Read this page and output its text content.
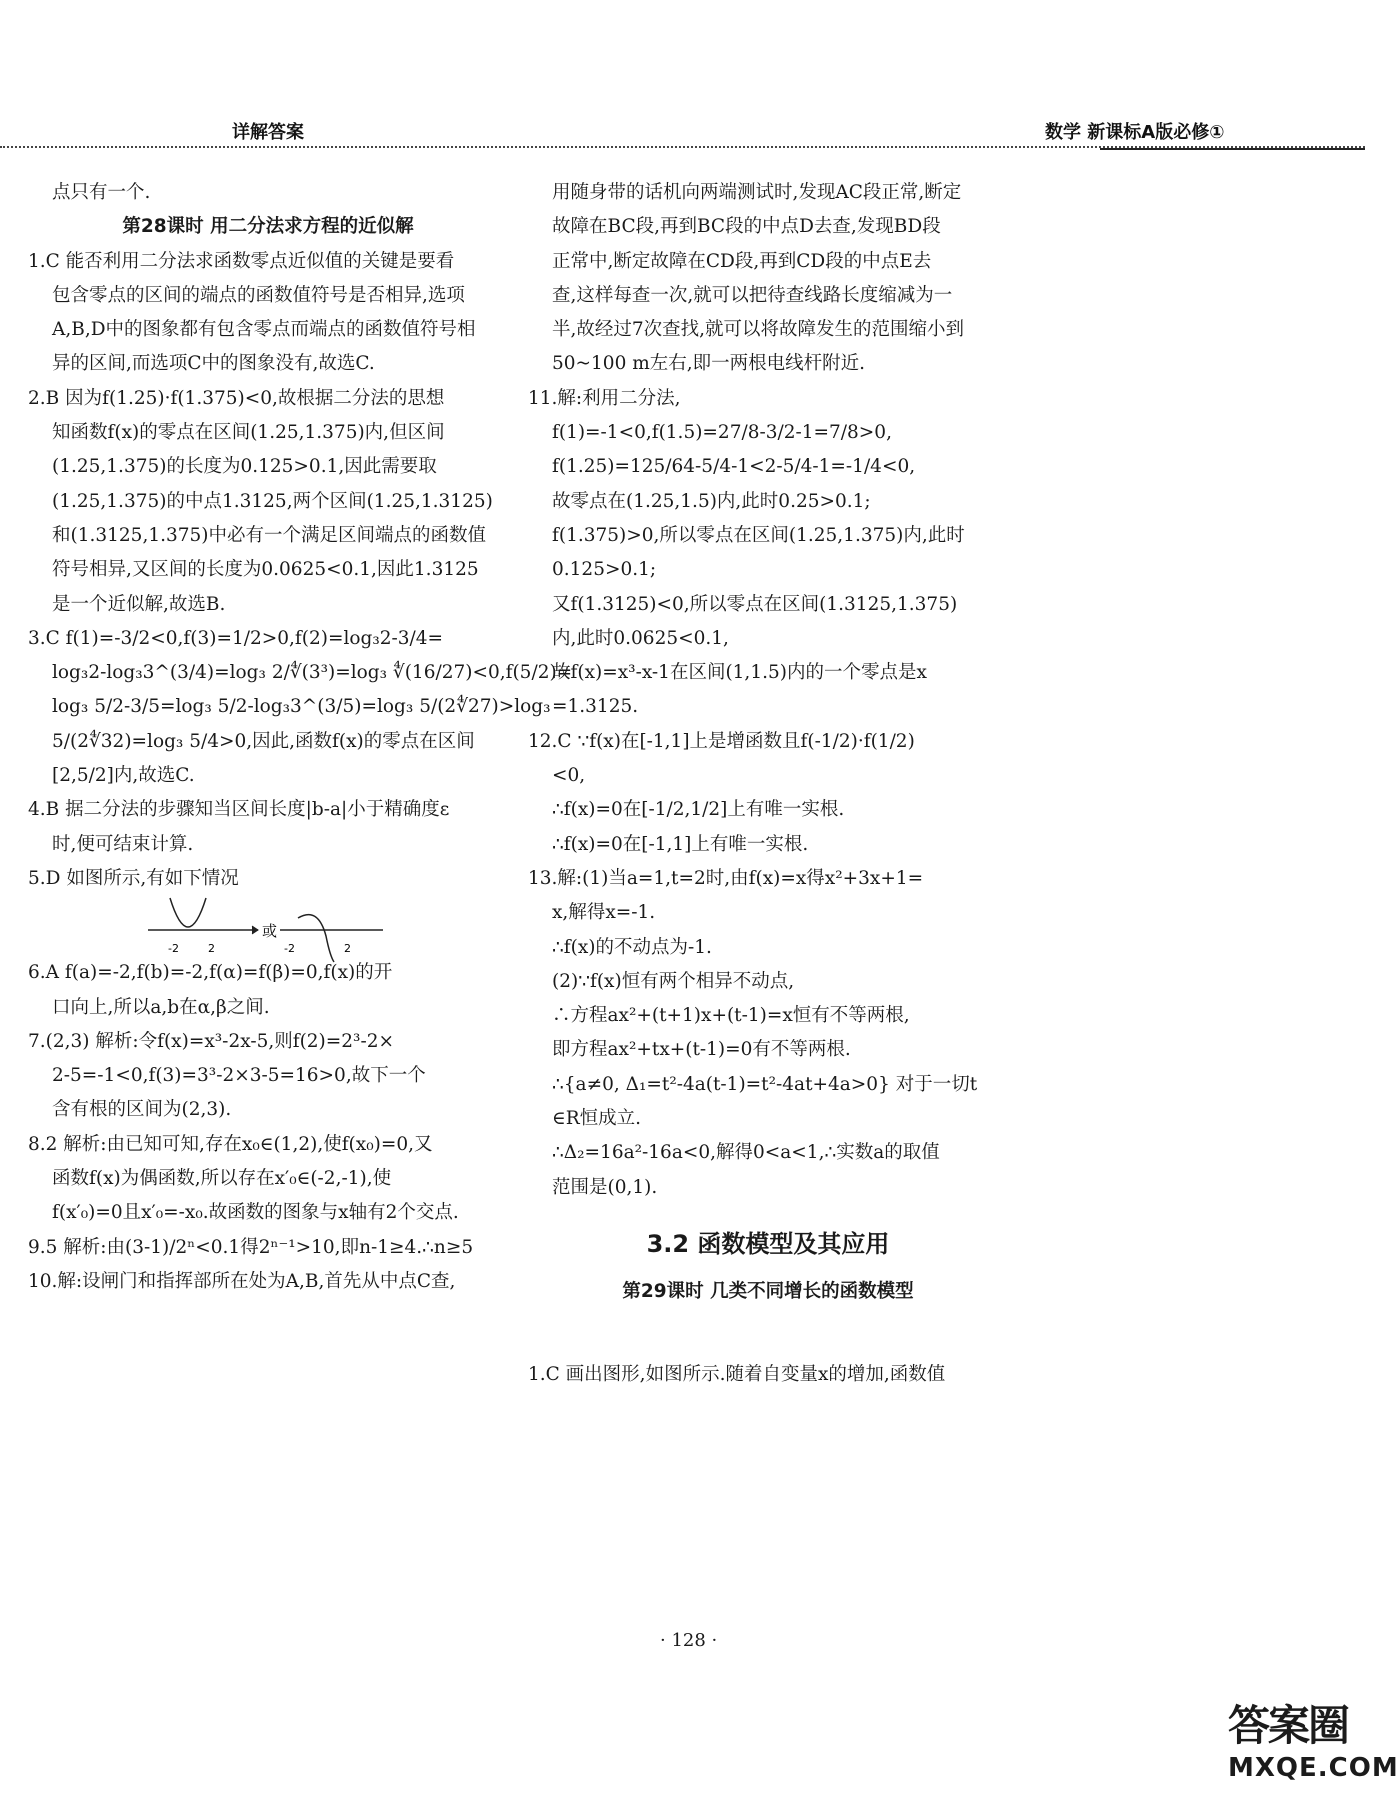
详解答案	数学 新课标A版必修①
点只有一个.
第28课时 用二分法求方程的近似解
1.C 能否利用二分法求函数零点近似值的关键是要看
包含零点的区间的端点的函数值符号是否相异,选项
A,B,D中的图象都有包含零点而端点的函数值符号相
异的区间,而选项C中的图象没有,故选C.
2.B 因为f(1.25)·f(1.375)<0,故根据二分法的思想
知函数f(x)的零点在区间(1.25,1.375)内,但区间
(1.25,1.375)的长度为0.125>0.1,因此需要取
(1.25,1.375)的中点1.3125,两个区间(1.25,1.3125)
和(1.3125,1.375)中必有一个满足区间端点的函数值
符号相异,又区间的长度为0.0625<0.1,因此1.3125
是一个近似解,故选B.
3.C f(1)=-3/2<0,f(3)=1/2>0,f(2)=log₃2-3/4=
log₃2-log₃3^(3/4)=log₃ 2/∜(3³)=log₃ ∜(16/27)<0,f(5/2)=
log₃ 5/2-3/5=log₃ 5/2-log₃3^(3/5)=log₃ 5/(2∜27)>log₃
5/(2∜32)=log₃ 5/4>0,因此,函数f(x)的零点在区间
[2,5/2]内,故选C.
4.B 据二分法的步骤知当区间长度|b-a|小于精确度ε
时,便可结束计算.
5.D 如图所示,有如下情况
-2	2
或
-2	2
6.A f(a)=-2,f(b)=-2,f(α)=f(β)=0,f(x)的开
口向上,所以a,b在α,β之间.
7.(2,3) 解析:令f(x)=x³-2x-5,则f(2)=2³-2×
2-5=-1<0,f(3)=3³-2×3-5=16>0,故下一个
含有根的区间为(2,3).
8.2 解析:由已知可知,存在x₀∈(1,2),使f(x₀)=0,又
函数f(x)为偶函数,所以存在x′₀∈(-2,-1),使
f(x′₀)=0且x′₀=-x₀.故函数的图象与x轴有2个交点.
9.5 解析:由(3-1)/2ⁿ<0.1得2ⁿ⁻¹>10,即n-1≥4.∴n≥5
10.解:设闸门和指挥部所在处为A,B,首先从中点C查,
用随身带的话机向两端测试时,发现AC段正常,断定
故障在BC段,再到BC段的中点D去查,发现BD段
正常中,断定故障在CD段,再到CD段的中点E去
查,这样每查一次,就可以把待查线路长度缩减为一
半,故经过7次查找,就可以将故障发生的范围缩小到
50~100 m左右,即一两根电线杆附近.
11.解:利用二分法,
f(1)=-1<0,f(1.5)=27/8-3/2-1=7/8>0,
f(1.25)=125/64-5/4-1<2-5/4-1=-1/4<0,
故零点在(1.25,1.5)内,此时0.25>0.1;
f(1.375)>0,所以零点在区间(1.25,1.375)内,此时
0.125>0.1;
又f(1.3125)<0,所以零点在区间(1.3125,1.375)
内,此时0.0625<0.1,
故f(x)=x³-x-1在区间(1,1.5)内的一个零点是x
=1.3125.
12.C ∵f(x)在[-1,1]上是增函数且f(-1/2)·f(1/2)
<0,
∴f(x)=0在[-1/2,1/2]上有唯一实根.
∴f(x)=0在[-1,1]上有唯一实根.
13.解:(1)当a=1,t=2时,由f(x)=x得x²+3x+1=
x,解得x=-1.
∴f(x)的不动点为-1.
(2)∵f(x)恒有两个相异不动点,
∴方程ax²+(t+1)x+(t-1)=x恒有不等两根,
即方程ax²+tx+(t-1)=0有不等两根.
∴{a≠0, Δ₁=t²-4a(t-1)=t²-4at+4a>0} 对于一切t
∈R恒成立.
∴Δ₂=16a²-16a<0,解得0<a<1,∴实数a的取值
范围是(0,1).
3.2 函数模型及其应用
第29课时 几类不同增长的函数模型
1.C 画出图形,如图所示.随着自变量x的增加,函数值
· 128 ·
答案圈
MXQE.COM
